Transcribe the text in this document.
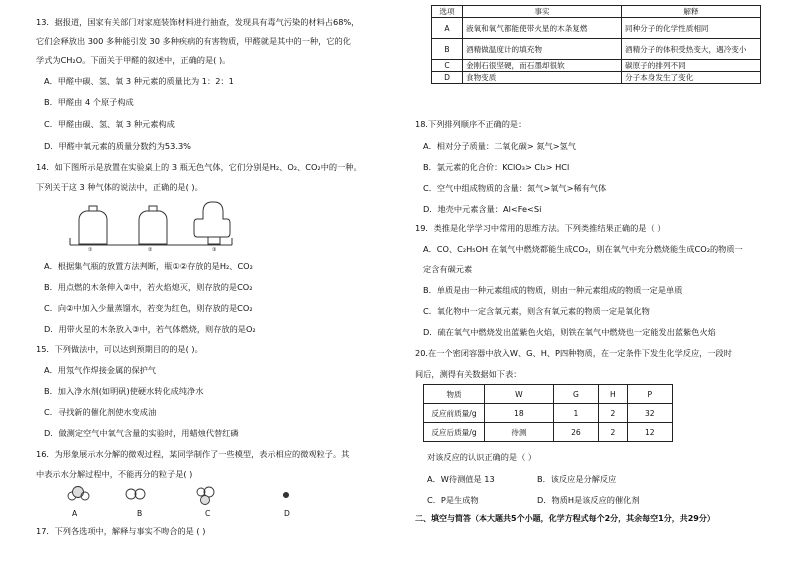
13．据报道，国家有关部门对家庭装饰材料进行抽查，发现具有毒气污染的材料占68%，
它们会释放出 300 多种能引发 30 多种疾病的有害物质，甲醛就是其中的一种，它的化
学式为CH₂O。下面关于甲醛的叙述中，正确的是( )。
A．甲醛中碳、氢、氧 3 种元素的质量比为 1：2：1
B．甲醛由 4 个原子构成
C．甲醛由碳、氢、氧 3 种元素构成
D．甲醛中氧元素的质量分数约为53.3%
14．如下图所示是放置在实验桌上的 3 瓶无色气体，它们分别是H₂、O₂、CO₂中的一种。
下列关于这 3 种气体的说法中，正确的是( )。
①	②	③
A．根据集气瓶的放置方法判断，瓶①②存放的是H₂、CO₂
B．用点燃的木条伸入②中，若火焰熄灭，则存放的是CO₂
C．向②中加入少量蒸馏水，若变为红色，则存放的是CO₂
D．用带火星的木条放入③中，若气体燃烧，则存放的是O₂
15．下列做法中，可以达到预期目的的是( )。
A．用氖气作焊接金属的保护气
B．加入净水剂(如明矾)使硬水转化成纯净水
C．寻找新的催化剂使水变成油
D．做测定空气中氧气含量的实验时，用蜡烛代替红磷
16．为形象展示水分解的微观过程，某同学制作了一些模型，表示相应的微观粒子。其
中表示水分解过程中，不能再分的粒子是( )
A	B	C	D
17．下列各选项中，解释与事实不吻合的是 ( )
选项	事实	解释
A	液氧和氧气都能使带火星的木条复燃	同种分子的化学性质相同
B	酒精做温度计的填充物	酒精分子的体积受热变大，遇冷变小
C	金刚石很坚硬，而石墨却很软	碳原子的排列不同
D	食物变质	分子本身发生了变化
18.下列排列顺序不正确的是：
A．相对分子质量：二氧化碳> 氮气>氢气
B．氯元素的化合价：KClO₃> Cl₂> HCl
C．空气中组成物质的含量：氮气>氧气>稀有气体
D．地壳中元素含量：Al<Fe<Si
19．类推是化学学习中常用的思维方法。下列类推结果正确的是（ ）
A．CO、C₂H₅OH 在氧气中燃烧都能生成CO₂，则在氧气中充分燃烧能生成CO₂的物质一
定含有碳元素
B．单质是由一种元素组成的物质，则由一种元素组成的物质一定是单质
C．氧化物中一定含氧元素，则含有氧元素的物质一定是氧化物
D．硫在氧气中燃烧发出蓝紫色火焰，则铁在氧气中燃烧也一定能发出蓝紫色火焰
20.在一个密闭容器中放入W、G、H、P四种物质，在一定条件下发生化学反应，一段时
间后，测得有关数据如下表：
物质	W	G	H	P
反应前质量/g	18	1	2	32
反应后质量/g	待测	26	2	12
对该反应的认识正确的是（ ）
A．W待测值是 13	B．该反应是分解反应
C．P是生成物	D．物质H是该反应的催化剂
二、填空与简答（本大题共5个小题，化学方程式每个2分，其余每空1分，共29分）
